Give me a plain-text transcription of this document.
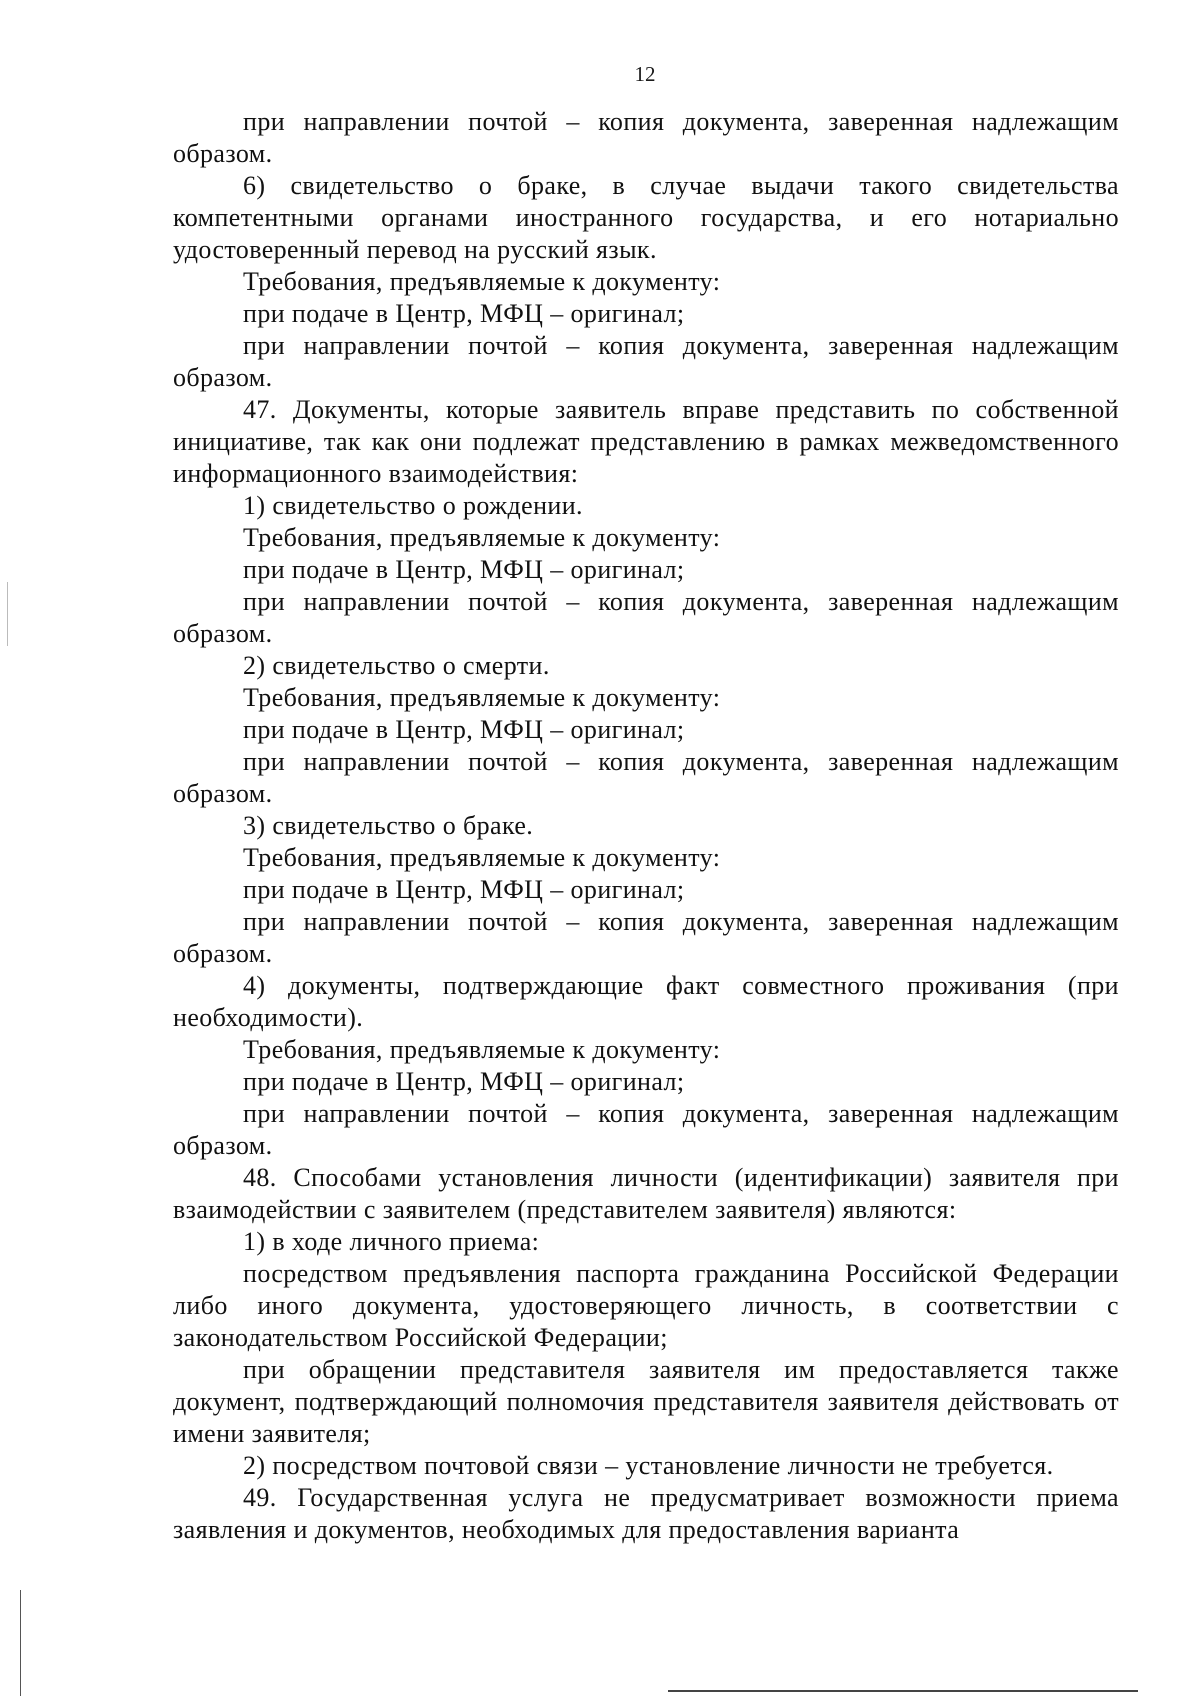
12

при направлении почтой – копия документа, заверенная надлежащим образом.

6) свидетельство о браке, в случае выдачи такого свидетельства компетентными органами иностранного государства, и его нотариально удостоверенный перевод на русский язык.

Требования, предъявляемые к документу:

при подаче в Центр, МФЦ – оригинал;

при направлении почтой – копия документа, заверенная надлежащим образом.

47. Документы, которые заявитель вправе представить по собственной инициативе, так как они подлежат представлению в рамках межведомственного информационного взаимодействия:

1) свидетельство о рождении.

Требования, предъявляемые к документу:

при подаче в Центр, МФЦ – оригинал;

при направлении почтой – копия документа, заверенная надлежащим образом.

2) свидетельство о смерти.

Требования, предъявляемые к документу:

при подаче в Центр, МФЦ – оригинал;

при направлении почтой – копия документа, заверенная надлежащим образом.

3) свидетельство о браке.

Требования, предъявляемые к документу:

при подаче в Центр, МФЦ – оригинал;

при направлении почтой – копия документа, заверенная надлежащим образом.

4) документы, подтверждающие факт совместного проживания (при необходимости).

Требования, предъявляемые к документу:

при подаче в Центр, МФЦ – оригинал;

при направлении почтой – копия документа, заверенная надлежащим образом.

48. Способами установления личности (идентификации) заявителя при взаимодействии с заявителем (представителем заявителя) являются:

1) в ходе личного приема:

посредством предъявления паспорта гражданина Российской Федерации либо иного документа, удостоверяющего личность, в соответствии с законодательством Российской Федерации;

при обращении представителя заявителя им предоставляется также документ, подтверждающий полномочия представителя заявителя действовать от имени заявителя;

2) посредством почтовой связи – установление личности не требуется.

49. Государственная услуга не предусматривает возможности приема заявления и документов, необходимых для предоставления варианта
